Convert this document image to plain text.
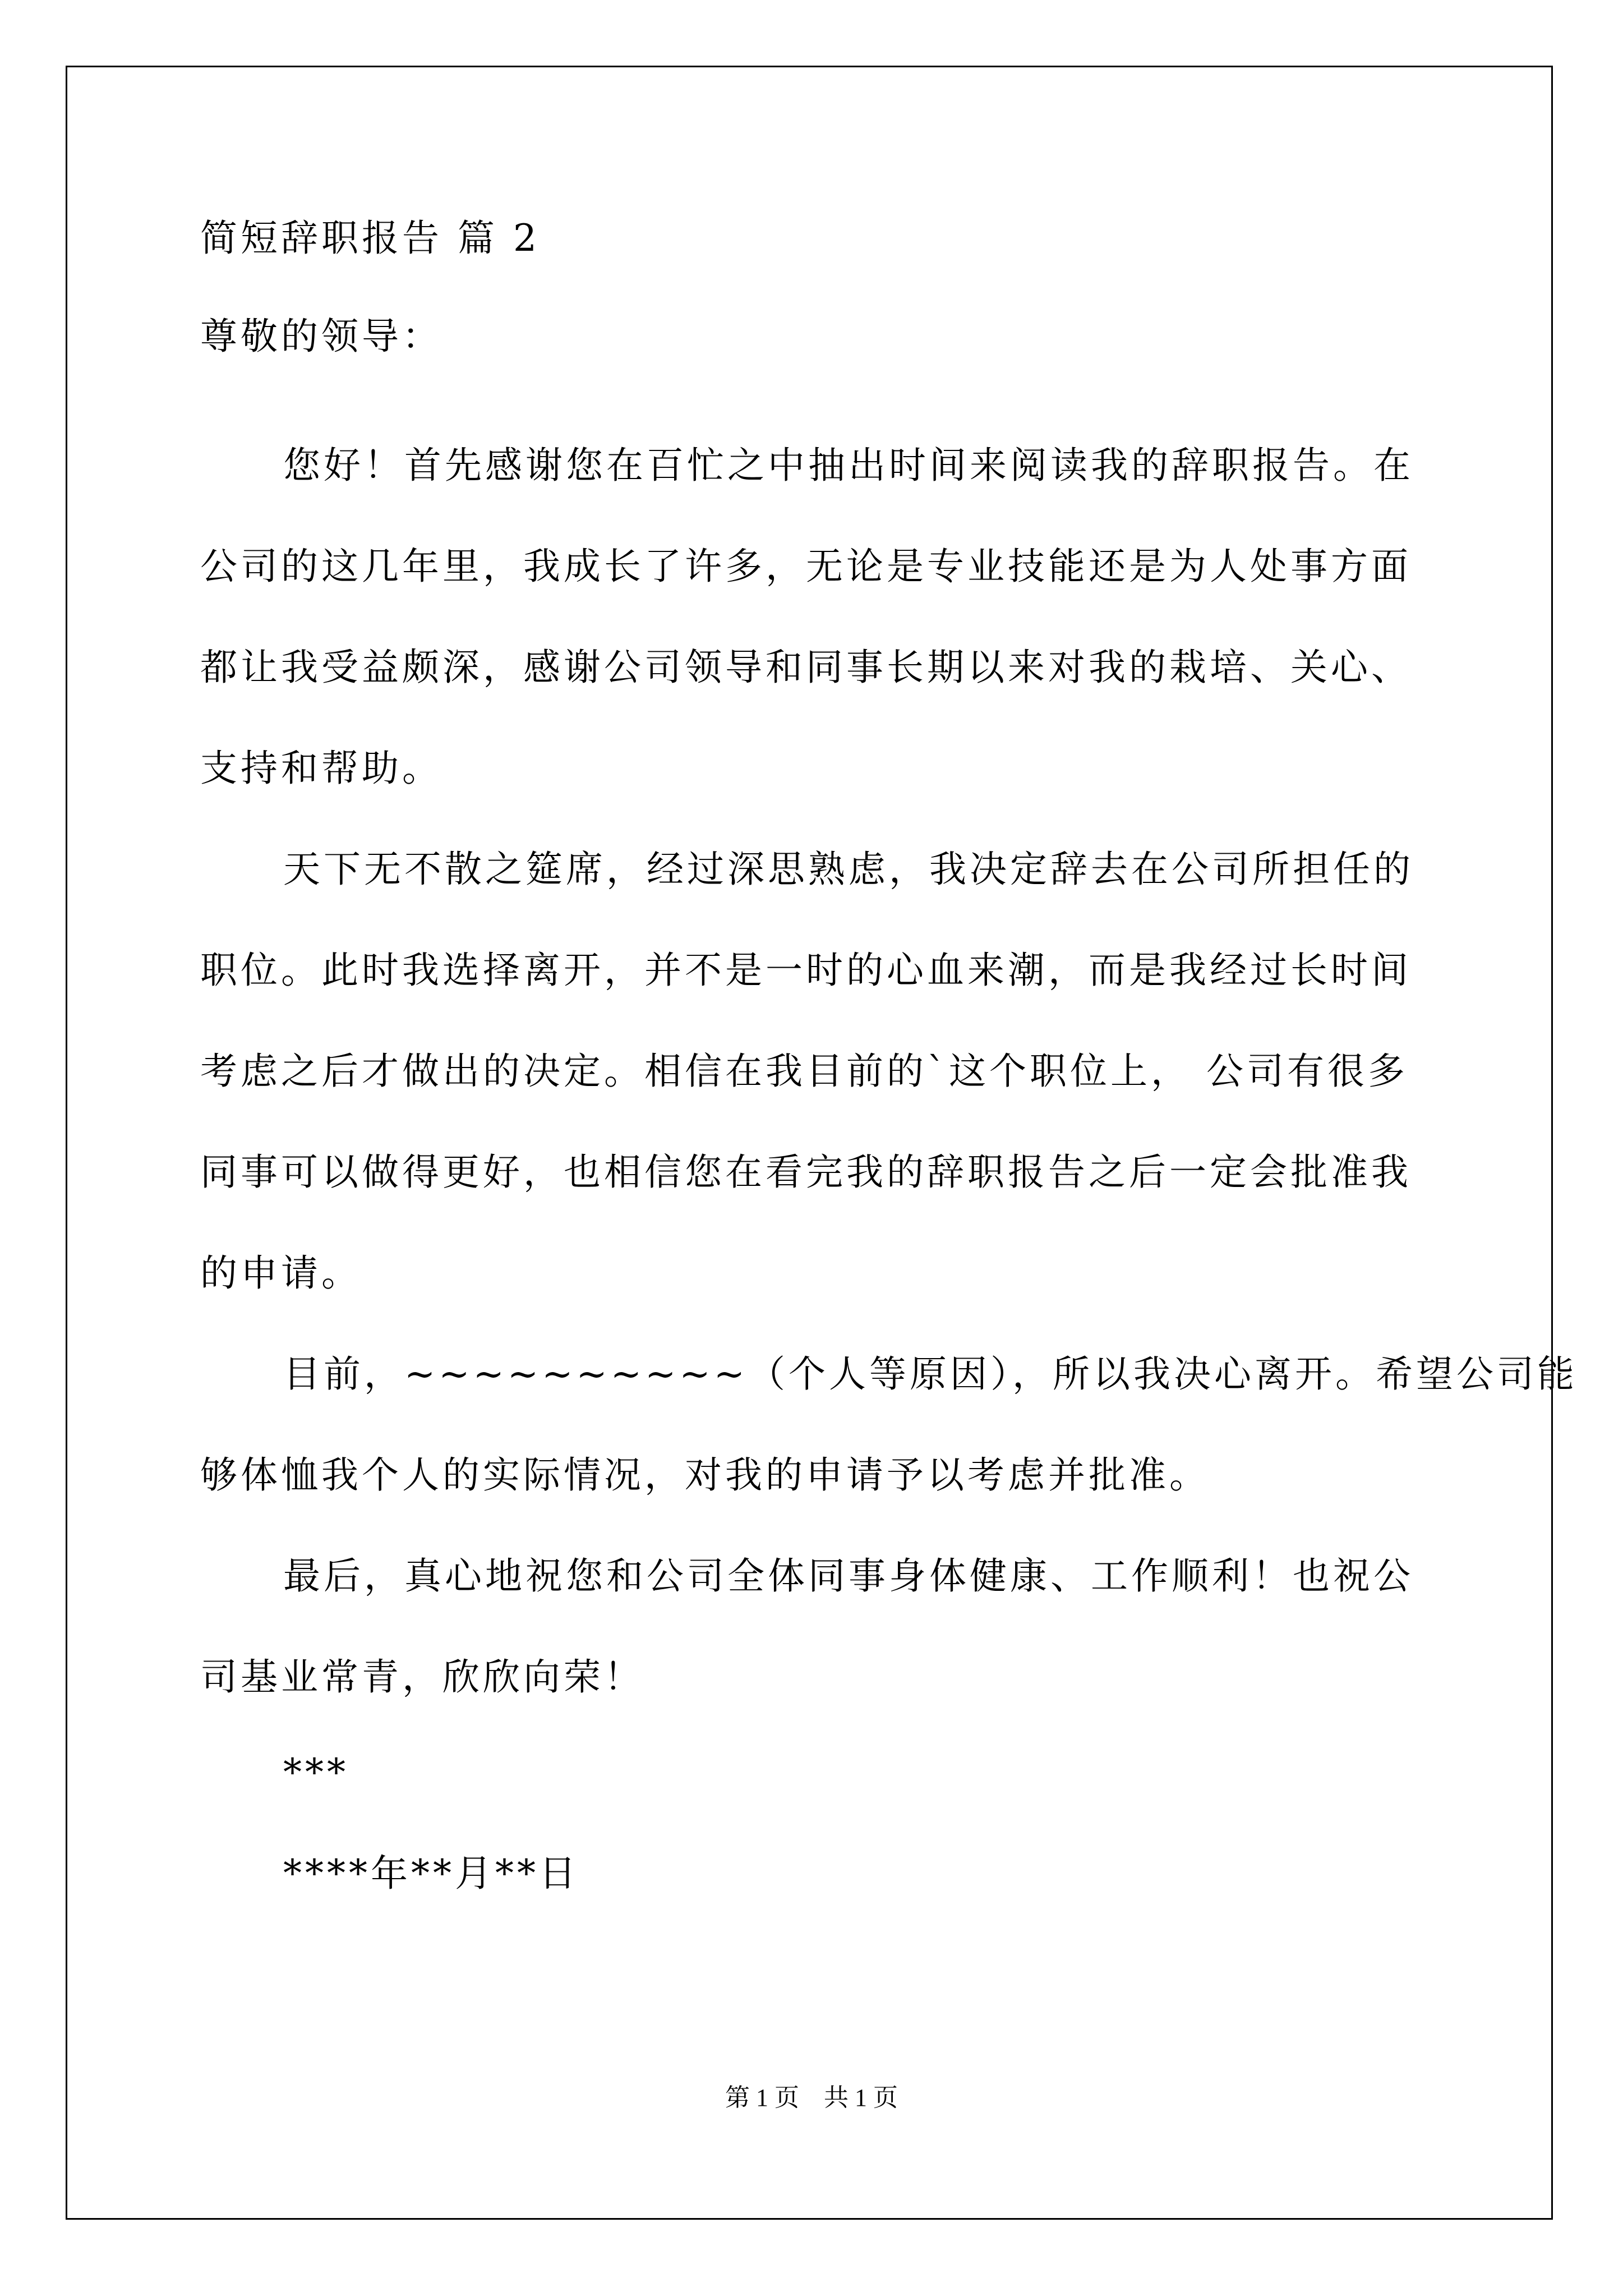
简短辞职报告 篇 2
尊敬的领导：
您好！首先感谢您在百忙之中抽出时间来阅读我的辞职报告。在
公司的这几年里，我成长了许多，无论是专业技能还是为人处事方面
都让我受益颇深，感谢公司领导和同事长期以来对我的栽培、关心、
支持和帮助。
天下无不散之筵席，经过深思熟虑，我决定辞去在公司所担任的
职位。此时我选择离开，并不是一时的心血来潮，而是我经过长时间
考虑之后才做出的决定。相信在我目前的`这个职位上， 公司有很多
同事可以做得更好，也相信您在看完我的辞职报告之后一定会批准我
的申请。
目前，~~~~~~~~~~（个人等原因），所以我决心离开。希望公司能
够体恤我个人的实际情况，对我的申请予以考虑并批准。
最后，真心地祝您和公司全体同事身体健康、工作顺利！也祝公
司基业常青，欣欣向荣！
***
****年**月**日
第 1 页　共 1 页
